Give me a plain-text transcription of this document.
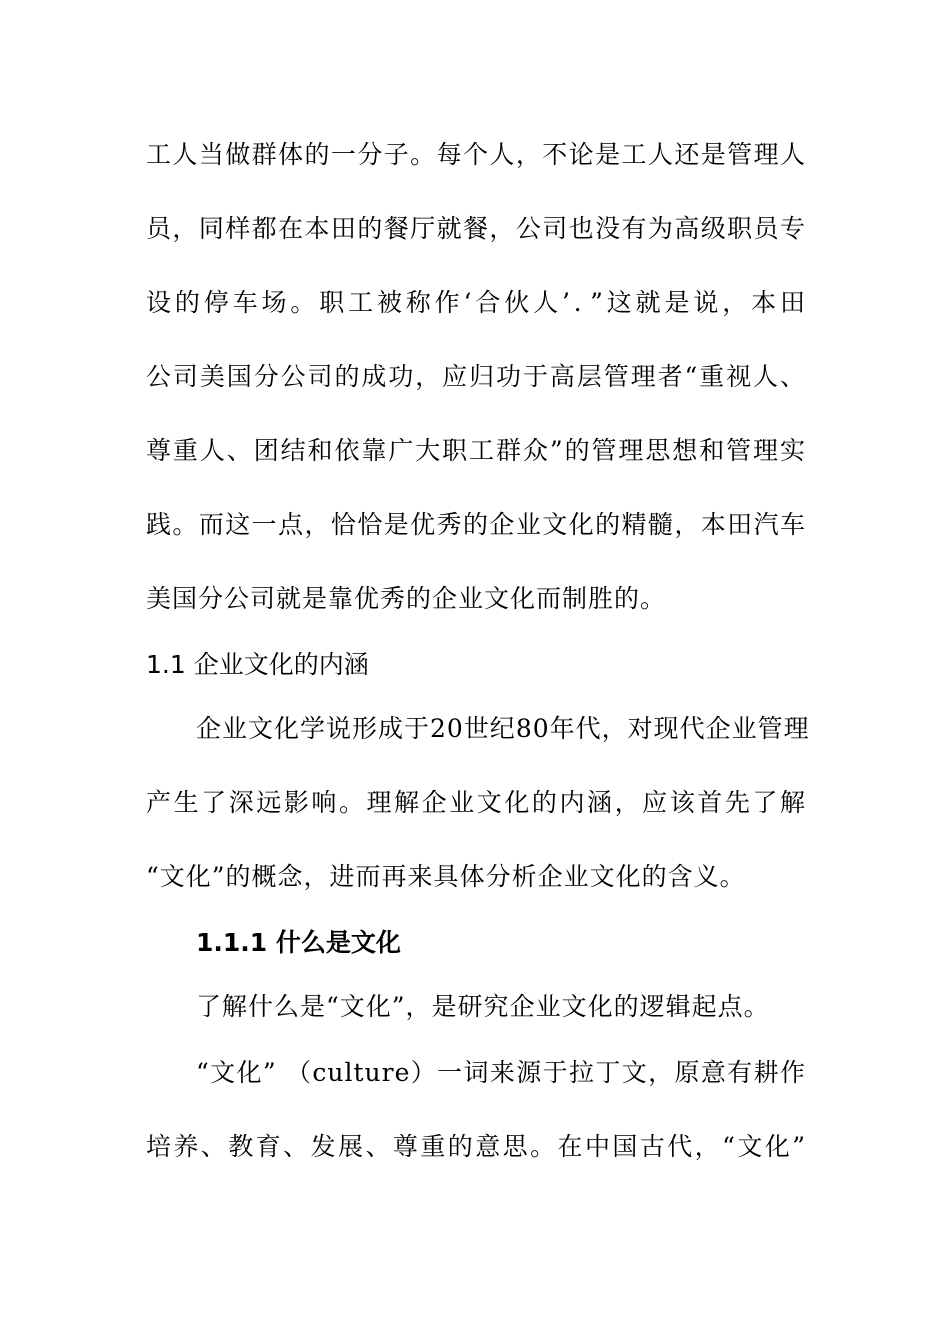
工人当做群体的一分子。每个人，不论是工人还是管理人
员，同样都在本田的餐厅就餐，公司也没有为高级职员专
设的停车场。职工被称作‘合伙人’．”这就是说，本田
公司美国分公司的成功，应归功于高层管理者“重视人、
尊重人、团结和依靠广大职工群众”的管理思想和管理实
践。而这一点，恰恰是优秀的企业文化的精髓，本田汽车
美国分公司就是靠优秀的企业文化而制胜的。
1.1 企业文化的内涵
企业文化学说形成于20世纪80年代，对现代企业管理
产生了深远影响。理解企业文化的内涵，应该首先了解
“文化”的概念，进而再来具体分析企业文化的含义。
1.1.1 什么是文化
了解什么是“文化”，是研究企业文化的逻辑起点。
“文化” （culture）一词来源于拉丁文，原意有耕作
培养、教育、发展、尊重的意思。在中国古代，“文化”
